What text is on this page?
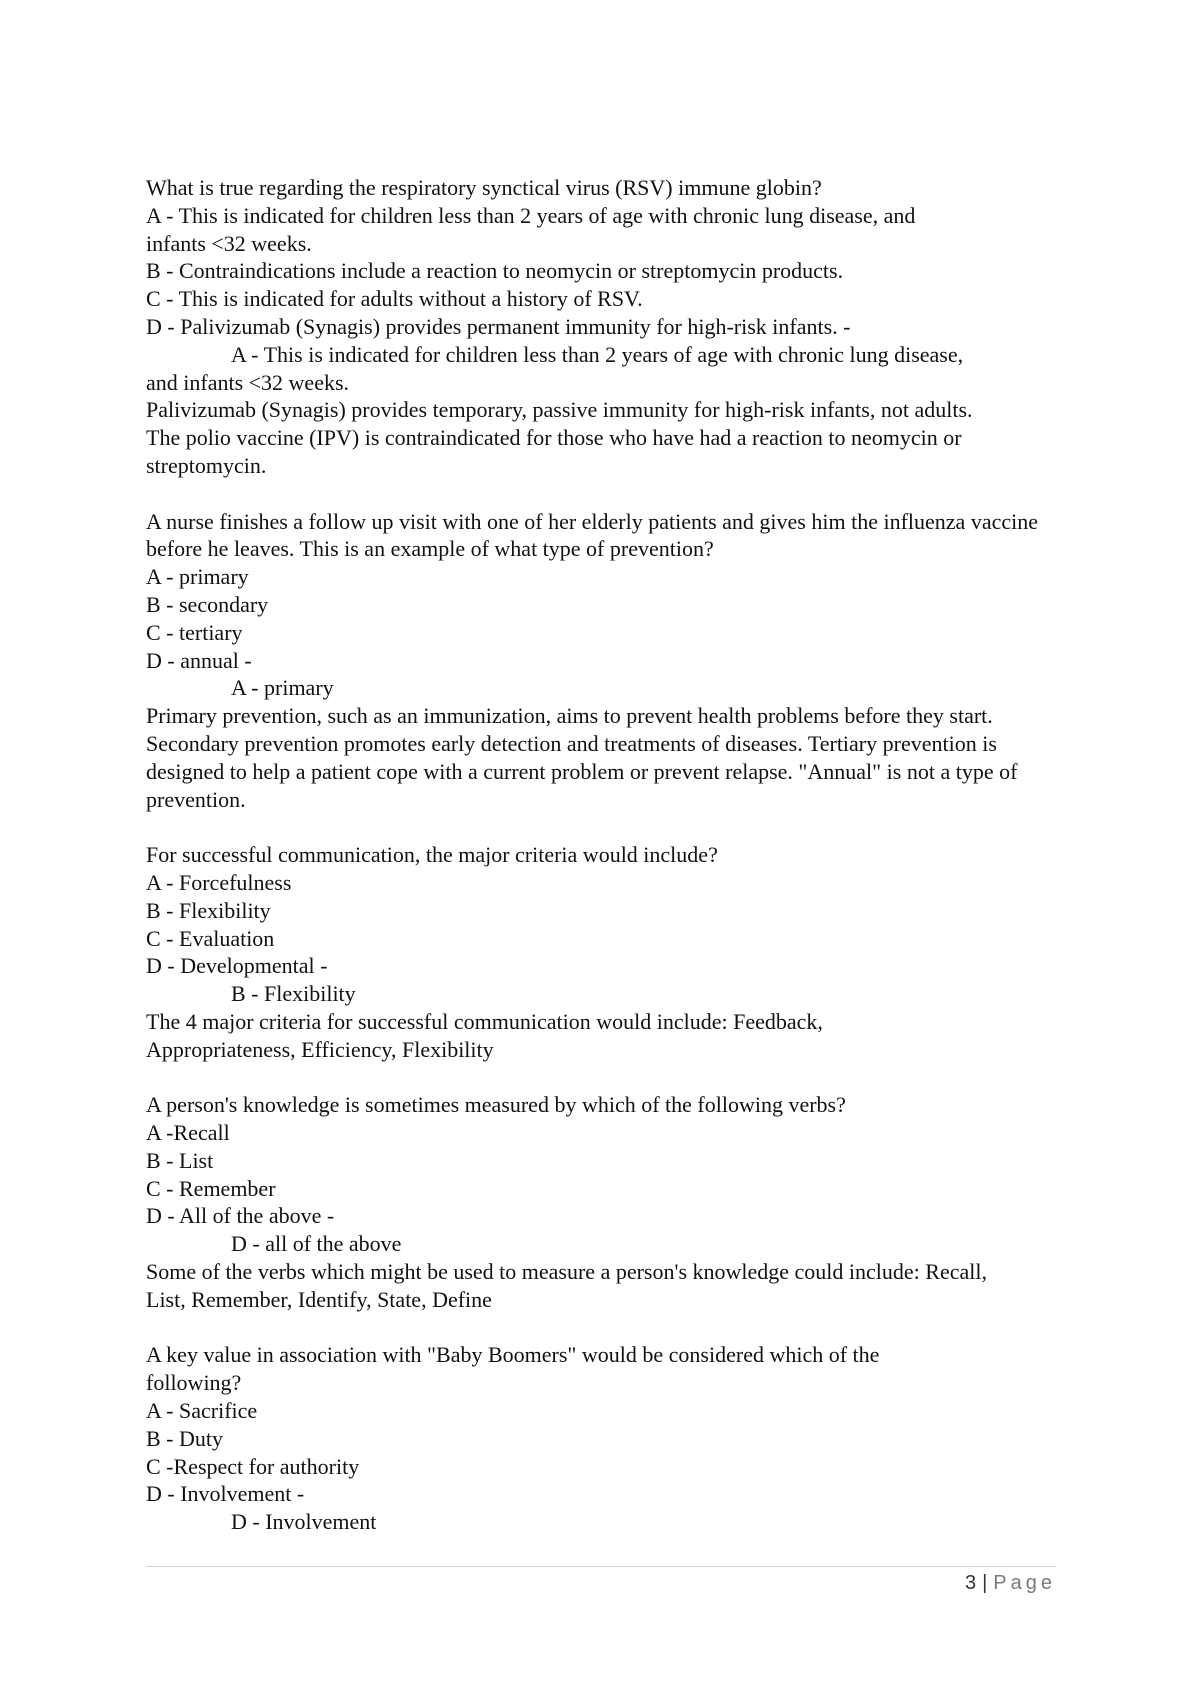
What is true regarding the respiratory synctical virus (RSV) immune globin?
A - This is indicated for children less than 2 years of age with chronic lung disease, and infants <32 weeks.
B - Contraindications include a reaction to neomycin or streptomycin products.
C - This is indicated for adults without a history of RSV.
D - Palivizumab (Synagis) provides permanent immunity for high-risk infants. -
A - This is indicated for children less than 2 years of age with chronic lung disease,
and infants <32 weeks.
Palivizumab (Synagis) provides temporary, passive immunity for high-risk infants, not adults. The polio vaccine (IPV) is contraindicated for those who have had a reaction to neomycin or streptomycin.
A nurse finishes a follow up visit with one of her elderly patients and gives him the influenza vaccine before he leaves. This is an example of what type of prevention?
A - primary
B - secondary
C - tertiary
D - annual -
A - primary
Primary prevention, such as an immunization, aims to prevent health problems before they start. Secondary prevention promotes early detection and treatments of diseases. Tertiary prevention is designed to help a patient cope with a current problem or prevent relapse. "Annual" is not a type of prevention.
For successful communication, the major criteria would include?
A - Forcefulness
B - Flexibility
C - Evaluation
D - Developmental -
B - Flexibility
The 4 major criteria for successful communication would include: Feedback, Appropriateness, Efficiency, Flexibility
A person's knowledge is sometimes measured by which of the following verbs?
A -Recall
B - List
C - Remember
D - All of the above -
D - all of the above
Some of the verbs which might be used to measure a person's knowledge could include: Recall, List, Remember, Identify, State, Define
A key value in association with "Baby Boomers" would be considered which of the following?
A - Sacrifice
B - Duty
C -Respect for authority
D - Involvement -
D - Involvement
3 | Page
